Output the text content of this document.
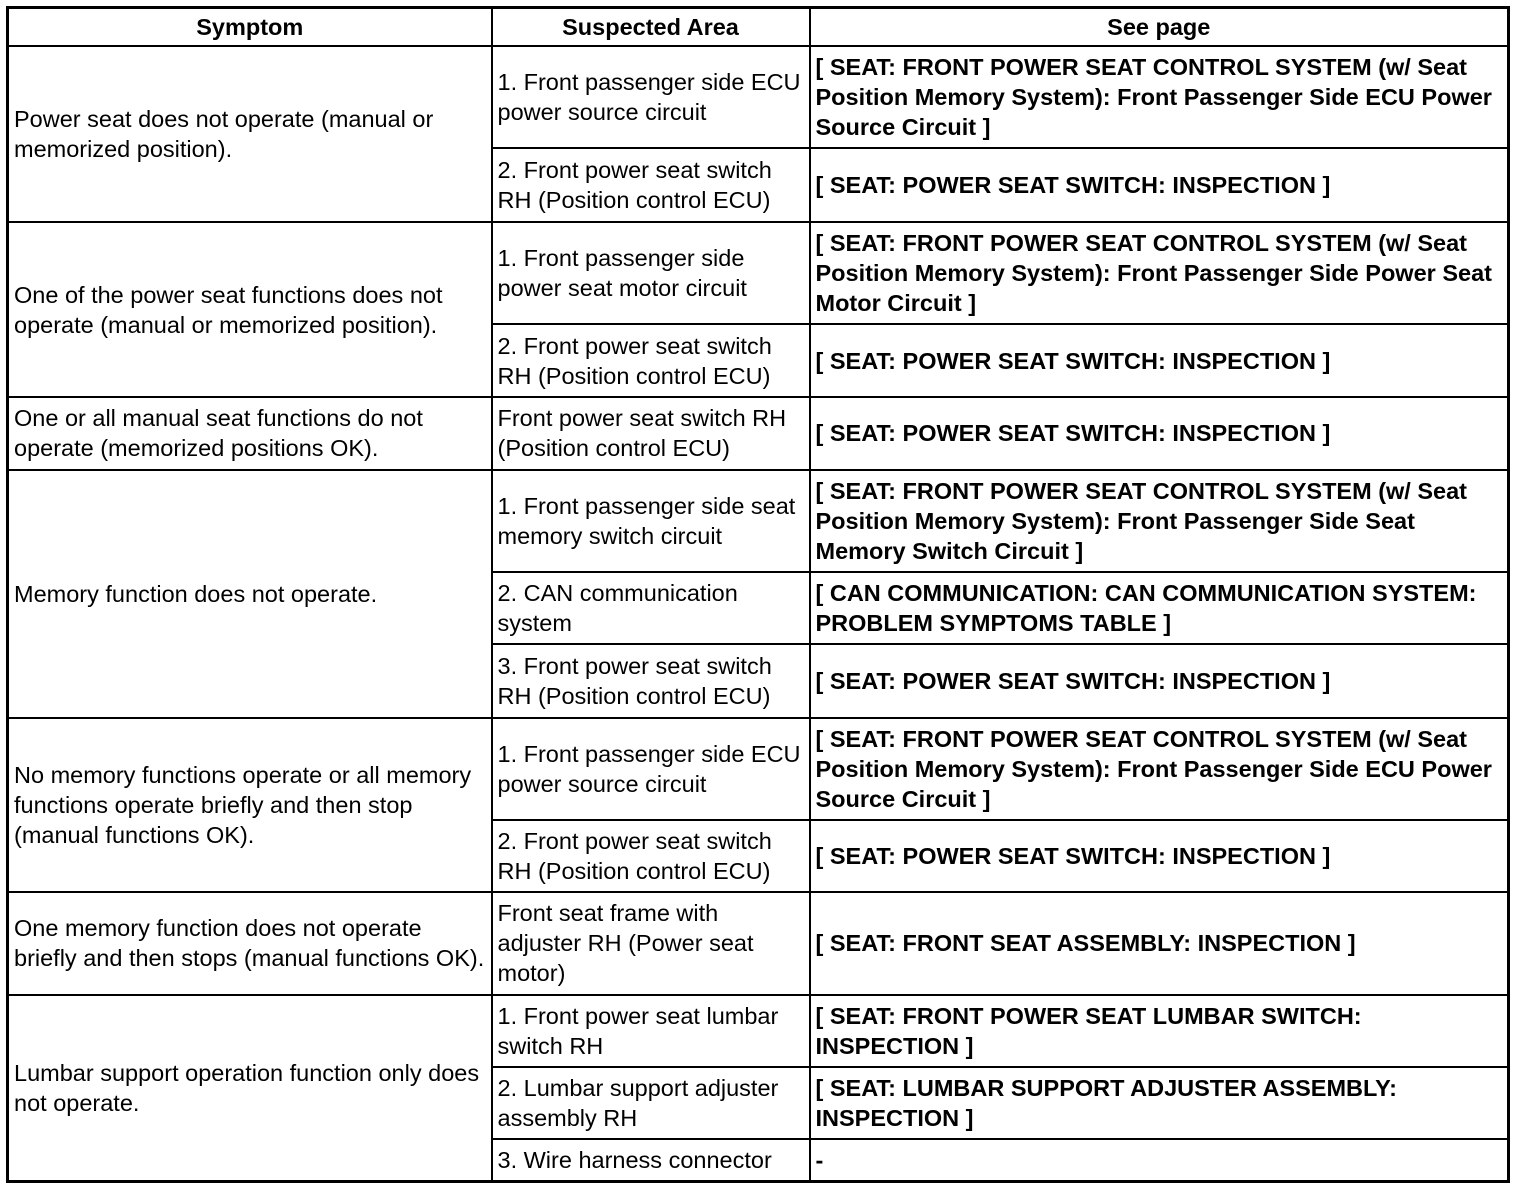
Symptom	Suspected Area	See page
Power seat does not operate (manual or memorized position).	1. Front passenger side ECU power source circuit	[ SEAT: FRONT POWER SEAT CONTROL SYSTEM (w/ Seat Position Memory System): Front Passenger Side ECU Power Source Circuit ]
	2. Front power seat switch RH (Position control ECU)	[ SEAT: POWER SEAT SWITCH: INSPECTION ]
One of the power seat functions does not operate (manual or memorized position).	1. Front passenger side power seat motor circuit	[ SEAT: FRONT POWER SEAT CONTROL SYSTEM (w/ Seat Position Memory System): Front Passenger Side Power Seat Motor Circuit ]
	2. Front power seat switch RH (Position control ECU)	[ SEAT: POWER SEAT SWITCH: INSPECTION ]
One or all manual seat functions do not operate (memorized positions OK).	Front power seat switch RH (Position control ECU)	[ SEAT: POWER SEAT SWITCH: INSPECTION ]
Memory function does not operate.	1. Front passenger side seat memory switch circuit	[ SEAT: FRONT POWER SEAT CONTROL SYSTEM (w/ Seat Position Memory System): Front Passenger Side Seat Memory Switch Circuit ]
	2. CAN communication system	[ CAN COMMUNICATION: CAN COMMUNICATION SYSTEM: PROBLEM SYMPTOMS TABLE ]
	3. Front power seat switch RH (Position control ECU)	[ SEAT: POWER SEAT SWITCH: INSPECTION ]
No memory functions operate or all memory functions operate briefly and then stop (manual functions OK).	1. Front passenger side ECU power source circuit	[ SEAT: FRONT POWER SEAT CONTROL SYSTEM (w/ Seat Position Memory System): Front Passenger Side ECU Power Source Circuit ]
	2. Front power seat switch RH (Position control ECU)	[ SEAT: POWER SEAT SWITCH: INSPECTION ]
One memory function does not operate briefly and then stops (manual functions OK).	Front seat frame with adjuster RH (Power seat motor)	[ SEAT: FRONT SEAT ASSEMBLY: INSPECTION ]
Lumbar support operation function only does not operate.	1. Front power seat lumbar switch RH	[ SEAT: FRONT POWER SEAT LUMBAR SWITCH: INSPECTION ]
	2. Lumbar support adjuster assembly RH	[ SEAT: LUMBAR SUPPORT ADJUSTER ASSEMBLY: INSPECTION ]
	3. Wire harness connector	-
